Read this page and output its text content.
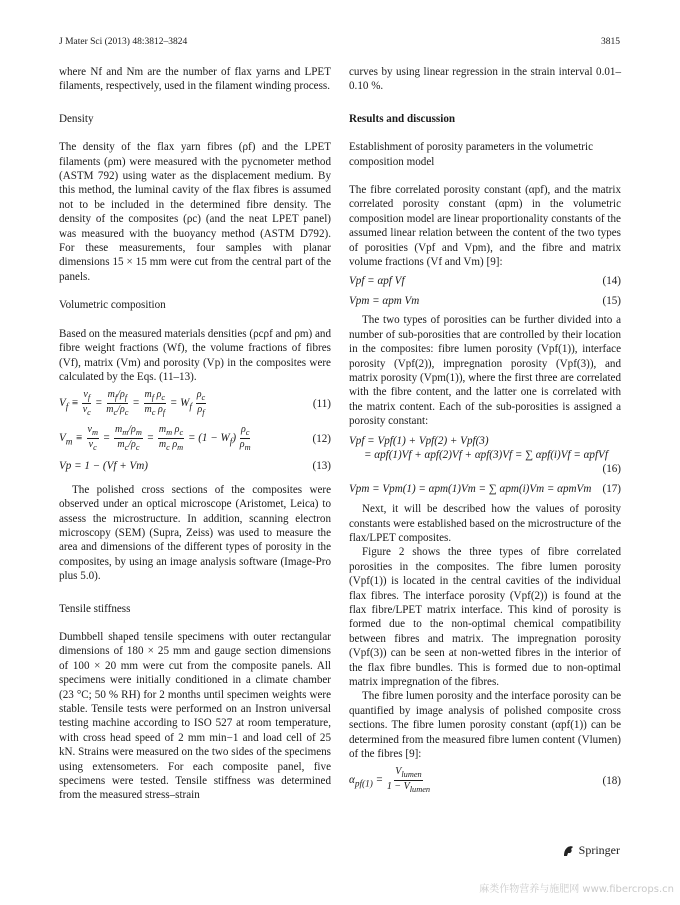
J Mater Sci (2013) 48:3812–3824	3815

where Nf and Nm are the number of flax yarns and LPET filaments, respectively, used in the filament winding process.

Density

The density of the flax yarn fibres (ρf) and the LPET filaments (ρm) were measured with the pycnometer method (ASTM 792) using water as the displacement medium. By this method, the luminal cavity of the flax fibres is assumed not to be included in the determined fibre density. The density of the composites (ρc) (and the neat LPET panel) was measured with the buoyancy method (ASTM D792). For these measurements, four samples with planar dimensions 15 × 15 mm were cut from the central part of the panels.

Volumetric composition

Based on the measured materials densities (ρcρf and ρm) and fibre weight fractions (Wf), the volume fractions of fibres (Vf), matrix (Vm) and porosity (Vp) in the composites were calculated by the Eqs. (11–13).

$V_f \equiv \frac{v_f}{v_c} = \frac{m_f/\rho_f}{m_c/\rho_c} = \frac{m_f \rho_c}{m_c \rho_f} = W_f \frac{\rho_c}{\rho_f}$	(11)
$V_m \equiv \frac{v_m}{v_c} = \frac{m_m/\rho_m}{m_c/\rho_c} = \frac{m_m \rho_c}{m_c \rho_m} = (1 - W_f) \frac{\rho_c}{\rho_m}$	(12)
Vp = 1 − (Vf + Vm)	(13)

The polished cross sections of the composites were observed under an optical microscope (Aristomet, Leica) to assess the microstructure. In addition, scanning electron microscopy (SEM) (Supra, Zeiss) was used to measure the area and dimensions of the different types of porosity in the composites, by using an image analysis software (Image-Pro plus 5.0).

Tensile stiffness

Dumbbell shaped tensile specimens with outer rectangular dimensions of 180 × 25 mm and gauge section dimensions of 100 × 20 mm were cut from the composite panels. All specimens were initially conditioned in a climate chamber (23 °C; 50 % RH) for 2 months until specimen weights were stable. Tensile tests were performed on an Instron universal testing machine according to ISO 527 at room temperature, with cross head speed of 2 mm min−1 and load cell of 25 kN. Strains were measured on the two sides of the specimens using extensometers. For each composite panel, five specimens were tested. Tensile stiffness was determined from the measured stress–strain

curves by using linear regression in the strain interval 0.01–0.10 %.

Results and discussion
Establishment of porosity parameters in the volumetric composition model

The fibre correlated porosity constant (αpf), and the matrix correlated porosity constant (αpm) in the volumetric composition model are linear proportionality constants of the assumed linear relation between the content of the two types of porosities (Vpf and Vpm), and the fibre and matrix volume fractions (Vf and Vm) [9]:

Vpf = αpf Vf	(14)
Vpm = αpm Vm	(15)

The two types of porosities can be further divided into a number of sub-porosities that are controlled by their location in the composites: fibre lumen porosity (Vpf(1)), interface porosity (Vpf(2)), impregnation porosity (Vpf(3)), and matrix porosity (Vpm(1)), where the first three are correlated with the fibre content, and the latter one is correlated with the matrix content. Each of the sub-porosities is assigned a porosity constant:

Vpf = Vpf(1) + Vpf(2) + Vpf(3)
= αpf(1)Vf + αpf(2)Vf + αpf(3)Vf = ∑ αpf(i)Vf = αpfVf
(16)
Vpm = Vpm(1) = αpm(1)Vm = ∑ αpm(i)Vm = αpmVm (17)

Next, it will be described how the values of porosity constants were established based on the microstructure of the flax/LPET composites.

Figure 2 shows the three types of fibre correlated porosities in the composites. The fibre lumen porosity (Vpf(1)) is located in the central cavities of the individual flax fibres. The interface porosity (Vpf(2)) is found at the flax fibre/LPET matrix interface. This kind of porosity is formed due to the non-optimal chemical compatibility between fibres and matrix. The impregnation porosity (Vpf(3)) can be seen at non-wetted fibres in the interior of the flax fibre bundles. This is formed due to non-optimal matrix impregnation of the fibres.

The fibre lumen porosity and the interface porosity can be quantified by image analysis of polished composite cross sections. The fibre lumen porosity constant (αpf(1)) can be determined from the measured fibre lumen content (Vlumen) of the fibres [9]:

$\alpha_{pf(1)} = \frac{V_{lumen}}{1 - V_{lumen}}$	(18)
Springer
麻类作物营养与施肥网 www.fibercrops.cn
